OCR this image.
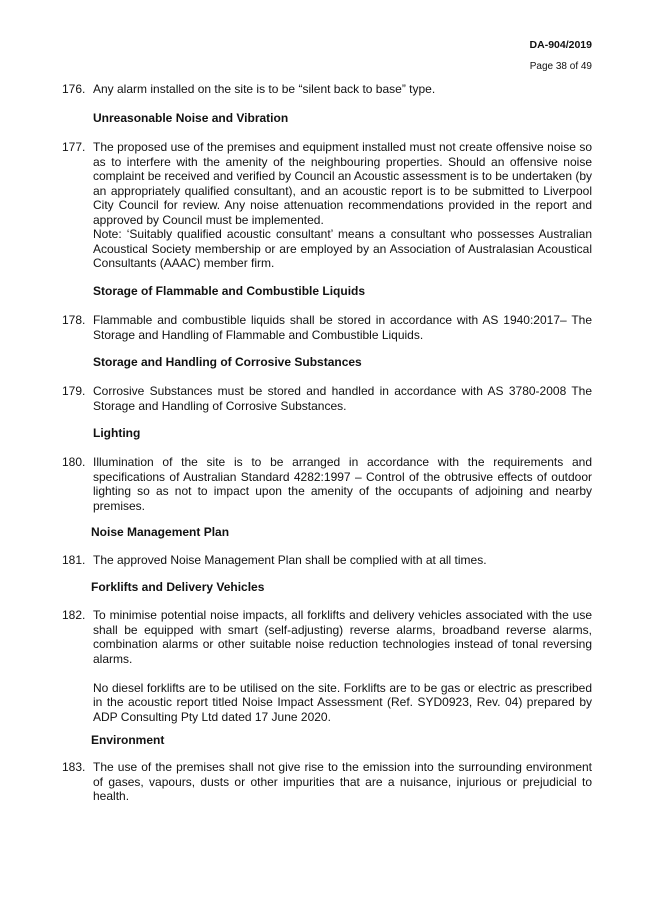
DA-904/2019
Page 38 of 49
176. Any alarm installed on the site is to be “silent back to base” type.

Unreasonable Noise and Vibration
177. The proposed use of the premises and equipment installed must not create offensive noise so as to interfere with the amenity of the neighbouring properties. Should an offensive noise complaint be received and verified by Council an Acoustic assessment is to be undertaken (by an appropriately qualified consultant), and an acoustic report is to be submitted to Liverpool City Council for review. Any noise attenuation recommendations provided in the report and approved by Council must be implemented.

Note: ‘Suitably qualified acoustic consultant’ means a consultant who possesses Australian Acoustical Society membership or are employed by an Association of Australasian Acoustical Consultants (AAAC) member firm.

Storage of Flammable and Combustible Liquids
178. Flammable and combustible liquids shall be stored in accordance with AS 1940:2017– The Storage and Handling of Flammable and Combustible Liquids.

Storage and Handling of Corrosive Substances
179. Corrosive Substances must be stored and handled in accordance with AS 3780-2008 The Storage and Handling of Corrosive Substances.

Lighting
180. Illumination of the site is to be arranged in accordance with the requirements and specifications of Australian Standard 4282:1997 – Control of the obtrusive effects of outdoor lighting so as not to impact upon the amenity of the occupants of adjoining and nearby premises.

Noise Management Plan
181. The approved Noise Management Plan shall be complied with at all times.

Forklifts and Delivery Vehicles
182. To minimise potential noise impacts, all forklifts and delivery vehicles associated with the use shall be equipped with smart (self-adjusting) reverse alarms, broadband reverse alarms, combination alarms or other suitable noise reduction technologies instead of tonal reversing alarms.

No diesel forklifts are to be utilised on the site. Forklifts are to be gas or electric as prescribed in the acoustic report titled Noise Impact Assessment (Ref. SYD0923, Rev. 04) prepared by ADP Consulting Pty Ltd dated 17 June 2020.

Environment
183. The use of the premises shall not give rise to the emission into the surrounding environment of gases, vapours, dusts or other impurities that are a nuisance, injurious or prejudicial to health.
